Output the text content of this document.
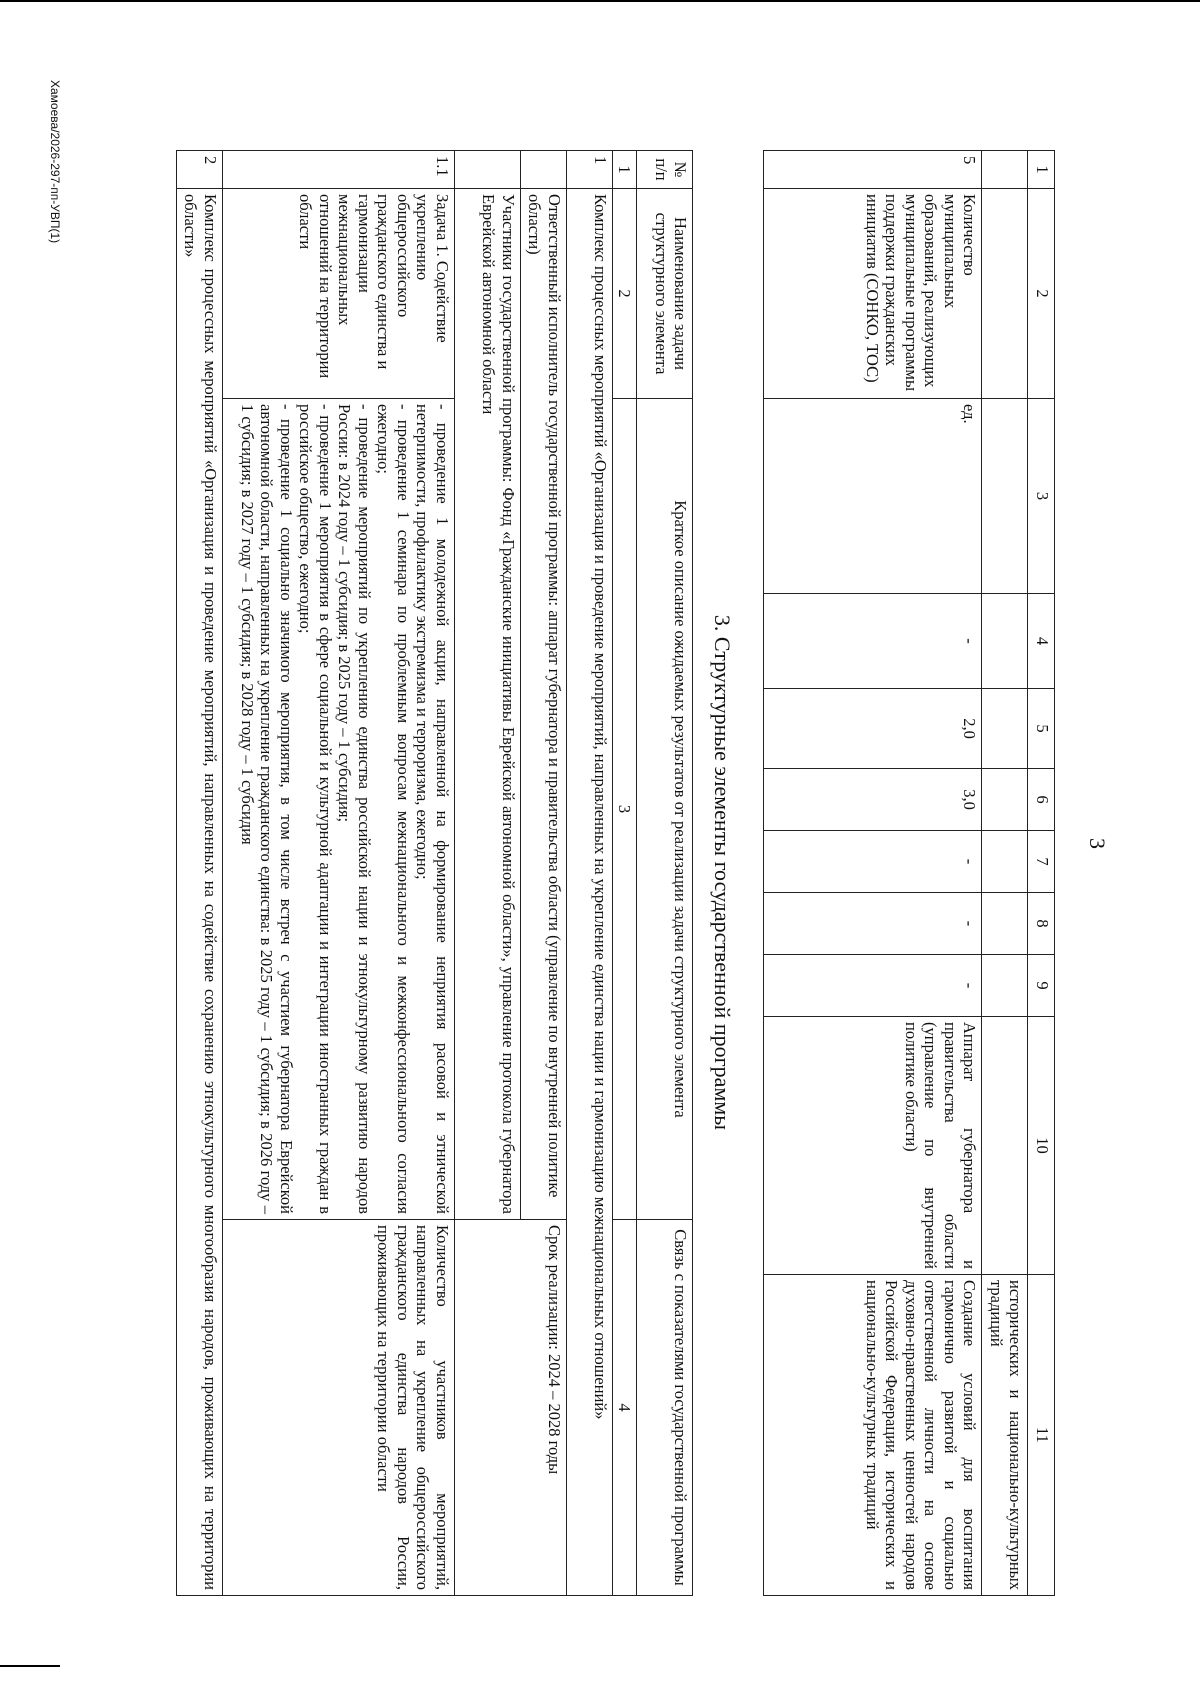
3
1	2	3	4	5	6	7	8	9	10	11
										исторических и национально-культурных традиций
5	Количество муниципальных образований, реализующих муниципальные программы поддержки гражданских инициатив (СОНКО, ТОС)	ед.	-	2,0	3,0	-	-	-	Аппарат губернатора и правительства области (управление по внутренней политике области)	Создание условий для воспитания гармонично развитой и социально ответственной личности на основе духовно-нравственных ценностей народов Российской Федерации, исторических и национально-культурных традиций
3. Структурные элементы государственной программы
№ п/п	Наименование задачи структурного элемента	Краткое описание ожидаемых результатов от реализации задачи структурного элемента	Связь с показателями государственной программы
1	2	3	4
1	Комплекс процессных мероприятий «Организация и проведение мероприятий, направленных на укрепление единства нации и гармонизацию межнациональных отношений»		
	Ответственный исполнитель государственной программы: аппарат губернатора и правительства области (управление по внутренней политике области)		Срок реализации: 2024 – 2028 годы
	Участники государственной программы: Фонд «Гражданские инициативы Еврейской автономной области», управление протокола губернатора Еврейской автономной области		
1.1	Задача 1. Содействие укреплению общероссийского гражданского единства и гармонизации межнациональных отношений на территории области	- проведение 1 молодежной акции, направленной на формирование неприятия расовой и этнической нетерпимости, профилактику экстремизма и терроризма, ежегодно;
- проведение 1 семинара по проблемным вопросам межнационального и межконфессионального согласия ежегодно;
- проведение мероприятий по укреплению единства российской нации и этнокультурному развитию народов России: в 2024 году – 1 субсидия; в 2025 году – 1 субсидия;
- проведение 1 мероприятия в сфере социальной и культурной адаптации и интеграции иностранных граждан в российское общество, ежегодно;
- проведение 1 социально значимого мероприятия, в том числе встреч с участием губернатора Еврейской автономной области, направленных на укрепление гражданского единства: в 2025 году – 1 субсидия; в 2026 году – 1 субсидия; в 2027 году – 1 субсидия; в 2028 году – 1 субсидия	Количество участников мероприятий, направленных на укрепление общероссийского гражданского единства народов России, проживающих на территории области
2	Комплекс процессных мероприятий «Организация и проведение мероприятий, направленных на содействие сохранению этнокультурного многообразия народов, проживающих на территории области»		
Хамоева/2026-297-пп-УВП(1)
